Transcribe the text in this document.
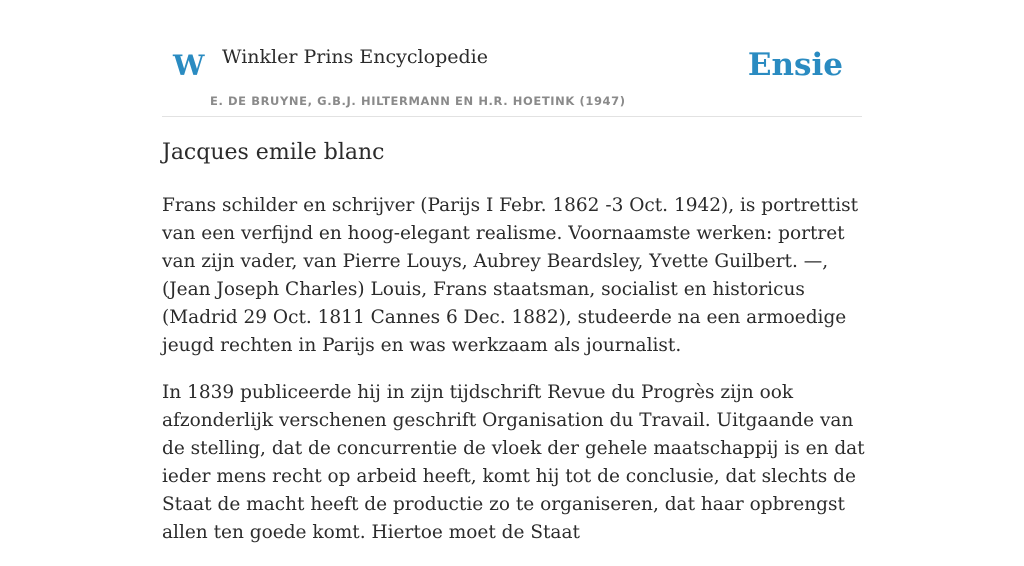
W Winkler Prins Encyclopedie
E. DE BRUYNE, G.B.J. HILTERMANN EN H.R. HOETINK (1947)
Ensie
Jacques emile blanc

Frans schilder en schrijver (Parijs I Febr. 1862 -3 Oct. 1942), is portrettist van een verfijnd en hoog-elegant realisme. Voornaamste werken: portret van zijn vader, van Pierre Louys, Aubrey Beardsley, Yvette Guilbert. —, (Jean Joseph Charles) Louis, Frans staatsman, socialist en historicus (Madrid 29 Oct. 1811 Cannes 6 Dec. 1882), studeerde na een armoedige jeugd rechten in Parijs en was werkzaam als journalist.

In 1839 publiceerde hij in zijn tijdschrift Revue du Progrès zijn ook afzonderlijk verschenen geschrift Organisation du Travail. Uitgaande van de stelling, dat de concurrentie de vloek der gehele maatschappij is en dat ieder mens recht op arbeid heeft, komt hij tot de conclusie, dat slechts de Staat de macht heeft de productie zo te organiseren, dat haar opbrengst allen ten goede komt. Hiertoe moet de Staat
